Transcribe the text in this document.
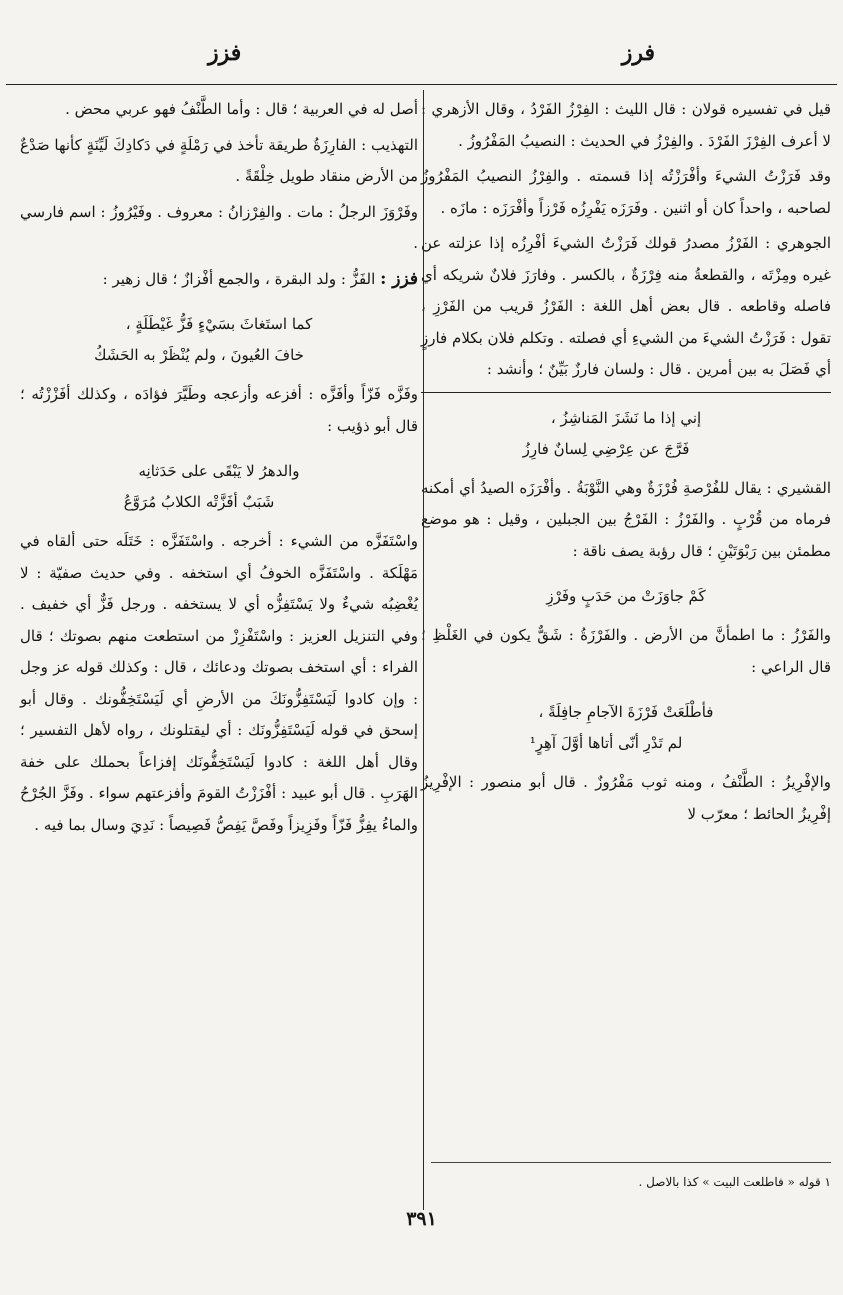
فرز
فزز

قيل في تفسيره قولان : قال الليث : الفِرْزُ الفَرْدُ ، وقال الأزهري : لا أعرف الفِرْزَ الفَرْدَ . والفِرْزُ في الحديث : النصيبُ المَفْرُوزُ .

وقد فَرَزْتُ الشيءَ وأفْرَزْتُه إذا قسمته . والفِرْزُ النصيبُ المَفْرُوزُ لصاحبه ، واحداً كان أو اثنين . وفَرَزَه يَفْرِزُه فَرْزاً وأفْرَزَه : مازَه .

الجوهري : الفَرْزُ مصدرُ قولك فَرَزْتُ الشيءَ أفْرِزُه إذا عزلته عن غيره ومِزْتَه ، والقطعةُ منه فِرْزَةٌ ، بالكسر . وفارَزَ فلانٌ شريكه أي فاصله وقاطعه . قال بعض أهل اللغة : الفَرْزُ قريب من الفَرْزِ ، تقول : فَرَزْتُ الشيءَ من الشيءِ أي فصلته . وتكلم فلان بكلام فارزٍ أي فَصَلَ به بين أمرين . قال : ولسان فارزٌ بَيِّنٌ ؛ وأنشد :

إني إذا ما نَشَزَ المَناشِزُ ،
فَرَّجَ عن عِرْضِي لِسانٌ فارِزُ

القشيري : يقال للفُرْصةِ فُرْزَةٌ وهي النَّوْبَةُ . وأفْرَزَه الصيدُ أي أمكنه فرماه من قُرْبٍ . والفَرْزُ : الفَرْجُ بين الجبلين ، وقيل : هو موضع مطمئن بين رَبْوَتَيْنِ ؛ قال رؤبة يصف ناقة :

كَمْ جاوَزَتْ من حَدَبٍ وفَرْزِ

والفَرْزُ : ما اطمأنَّ من الأرض . والفَرْزَةُ : شَقٌّ يكون في الغَلْظِ ؛ قال الراعي :

فأطْلَعَتْ فَرْزَةَ الآجامِ جافِلَةً ،
لم تَدْرِ أنّى أتاها أوَّلَ آهِرٍ¹

والإفْرِيزُ : الطَّنْفُ ، ومنه ثوب مَفْرُوزٌ . قال أبو منصور : الإفْرِيزُ إفْرِيزُ الحائط ؛ معرّب لا

أصل له في العربية ؛ قال : وأما الطَّنْفُ فهو عربي محض .

التهذيب : الفارِزَةُ طريقة تأخذ في رَمْلَةٍ في دَكادِكَ لَيِّنَةٍ كأنها صَدْعٌ من الأرض منقاد طويل خِلْقَةً .

وفَرْوَزَ الرجلُ : مات . والفِرْزانُ : معروف . وفَيْرُوزُ : اسم فارسي .

فزز : الفَزُّ : ولد البقرة ، والجمع أفْزازٌ ؛ قال زهير :

كما استَغاثَ بسَيْءٍ فَزُّ غَيْطَلَةٍ ،
خافَ العُيونَ ، ولم يُنْظَرْ به الحَشَكُ

وفَزَّه فَزّاً وأفَزَّه : أفزعه وأزعجه وطَيَّرَ فؤادَه ، وكذلك أفَزْزْتُه ؛ قال أبو ذؤيب :

والدهرُ لا يَبْقَى على حَدَثانِه
شَبَبٌ أفَزَّتْه الكلابُ مُرَوَّعُ

واسْتَفَزَّه من الشيء : أخرجه . واسْتَفَزَّه : خَتَلَه حتى ألقاه في مَهْلَكة . واسْتَفَزَّه الخوفُ أي استخفه . وفي حديث صفيّة : لا يُغْضِبُه شيءٌ ولا يَسْتَفِزُّه أي لا يستخفه . ورجل فَزٌّ أي خفيف . وفي التنزيل العزيز : واسْتَفْزِزْ من استطعت منهم بصوتك ؛ قال الفراء : أي استخف بصوتك ودعائك ، قال : وكذلك قوله عز وجل : وإن كادوا لَيَسْتَفِزُّونَكَ من الأرضِ أي لَيَسْتَخِفُّونك . وقال أبو إسحق في قوله لَيَسْتَفِزُّونَك : أي ليقتلونك ، رواه لأهل التفسير ؛ وقال أهل اللغة : كادوا لَيَسْتَخِفُّونَك إفزاعاً بحملك على خفة الهَرَبِ . قال أبو عبيد : أفْزَزْتُ القومَ وأفزعتهم سواء . وفَزَّ الجُرْحُ والماءُ يفِزُّ فَزّاً وفَزِيزاً وفَصَّ يَفِصُّ فَصِيصاً : نَدِيَ وسال بما فيه .

١ قوله « فاطلعت البيت » كذا بالاصل .
٣٩١
